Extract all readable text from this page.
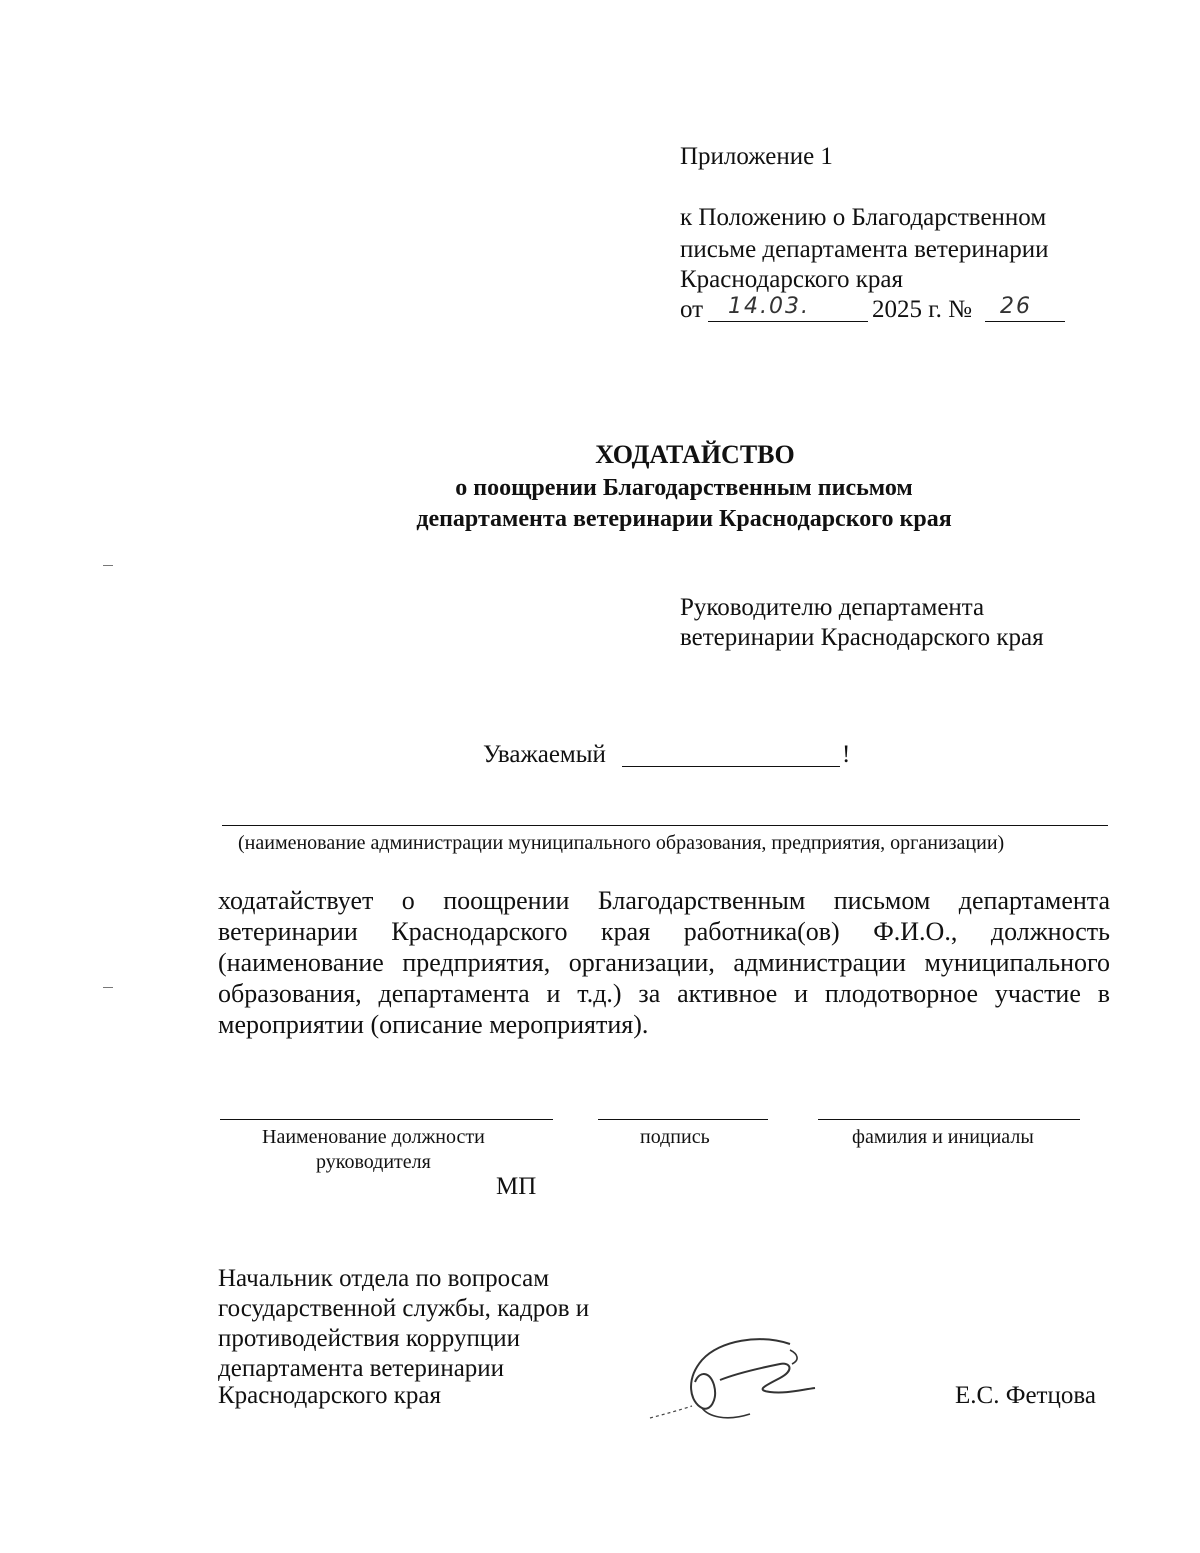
Приложение 1
к Положению о Благодарственном
письме департамента ветеринарии
Краснодарского края
от 14.03. 2025 г. № 26
ХОДАТАЙСТВО
о поощрении Благодарственным письмом
департамента ветеринарии Краснодарского края
Руководителю департамента
ветеринарии Краснодарского края
Уважаемый	!
(наименование администрации муниципального образования, предприятия, организации)
ходатайствует о поощрении Благодарственным письмом департамента ветеринарии Краснодарского края работника(ов) Ф.И.О., должность (наименование предприятия, организации, администрации муниципального образования, департамента и т.д.) за активное и плодотворное участие в мероприятии (описание мероприятия).
Наименование должности
руководителя
подпись	фамилия и инициалы
МП
Начальник отдела по вопросам
государственной службы, кадров и
противодействия коррупции
департамента ветеринарии
Краснодарского края	Е.С. Фетцова
